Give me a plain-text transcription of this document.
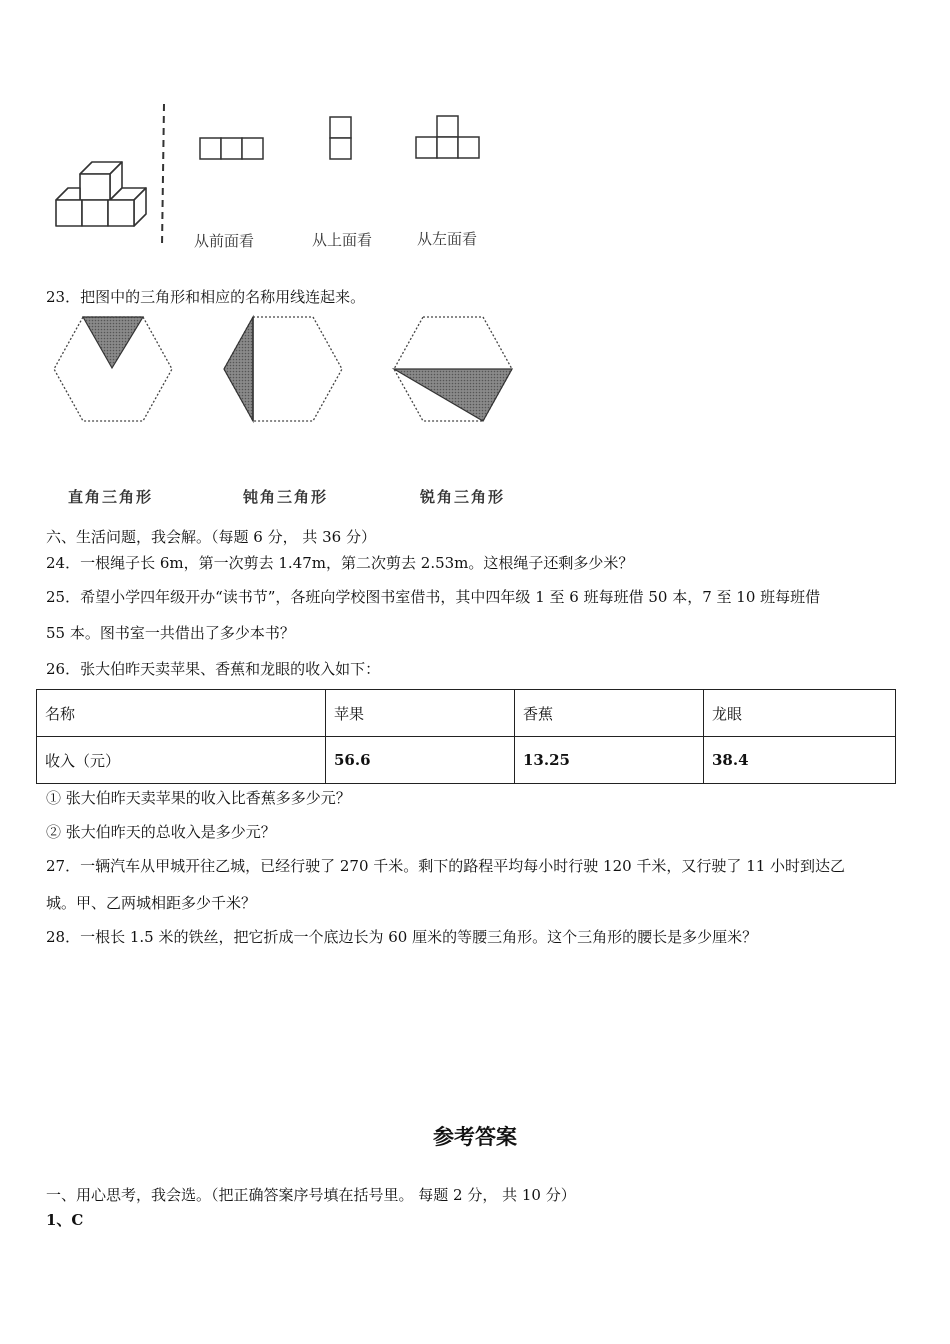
从前面看	从上面看	从左面看
23．把图中的三角形和相应的名称用线连起来。
直角三角形	钝角三角形	锐角三角形
六、生活问题，我会解。（每题 6 分， 共 36 分）
24．一根绳子长 6m，第一次剪去 1.47m，第二次剪去 2.53m。这根绳子还剩多少米？
25．希望小学四年级开办“读书节”，各班向学校图书室借书，其中四年级 1 至 6 班每班借 50 本，7 至 10 班每班借
55 本。图书室一共借出了多少本书？
26．张大伯昨天卖苹果、香蕉和龙眼的收入如下：
名称	苹果	香蕉	龙眼
收入（元）	56.6	13.25	38.4
① 张大伯昨天卖苹果的收入比香蕉多多少元？
② 张大伯昨天的总收入是多少元？
27．一辆汽车从甲城开往乙城，已经行驶了 270 千米。剩下的路程平均每小时行驶 120 千米，又行驶了 11 小时到达乙
城。甲、乙两城相距多少千米？
28．一根长 1.5 米的铁丝，把它折成一个底边长为 60 厘米的等腰三角形。这个三角形的腰长是多少厘米？
参考答案
一、用心思考，我会选。（把正确答案序号填在括号里。 每题 2 分， 共 10 分）
1、C
